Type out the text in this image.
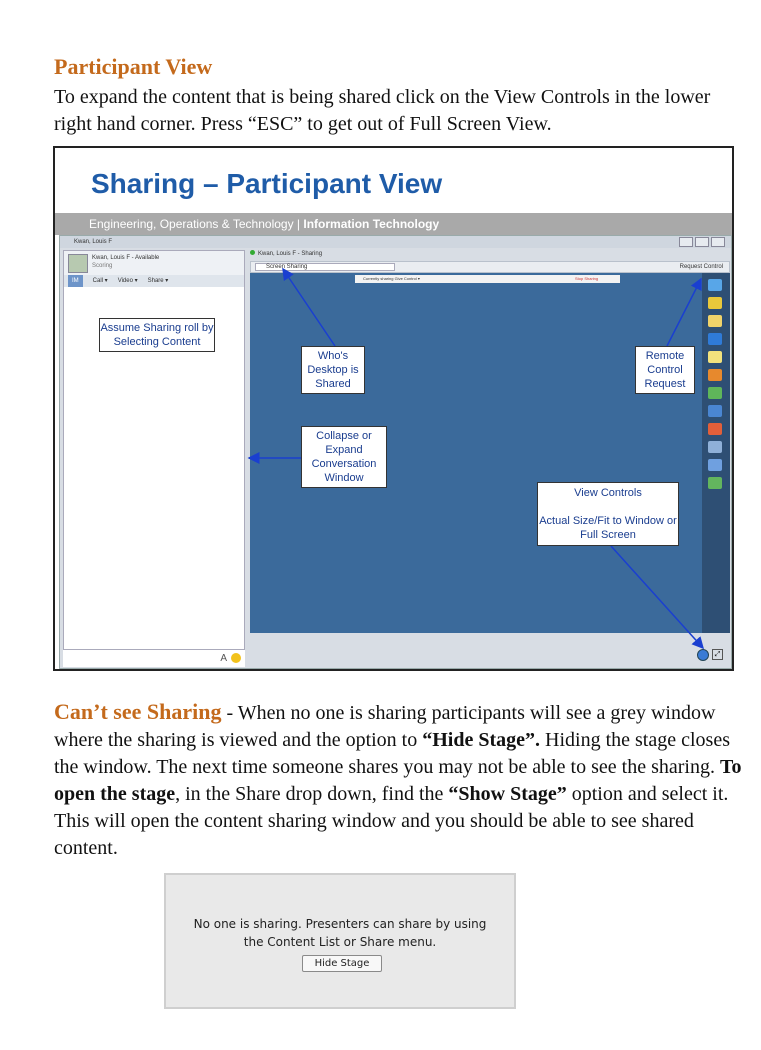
Participant View
To expand the content that is being shared click on the View Controls in the lower right hand corner. Press “ESC” to get out of Full Screen View.
Sharing – Participant View
Engineering, Operations & Technology | Information Technology
Kwan, Louis F
Kwan, Louis F - Available
Scoring
IM	Call ▾ Video ▾ Share ▾
A
Kwan, Louis F - Sharing
Screen Sharing	Request Control
Currently sharing Give Control ▾	Stop Sharing
⤢
Assume Sharing roll by Selecting Content
Who's Desktop is Shared
Collapse or Expand Conversation Window
Remote Control Request
View Controls
Actual Size/Fit to Window or Full Screen
Can’t see Sharing - When no one is sharing participants will see a grey window where the sharing is viewed and the option to “Hide Stage”. Hiding the stage closes the window. The next time someone shares you may not be able to see the sharing. To open the stage, in the Share drop down, find the “Show Stage” option and select it. This will open the content sharing window and you should be able to see shared content.
No one is sharing. Presenters can share by using
the Content List or Share menu.
Hide Stage
